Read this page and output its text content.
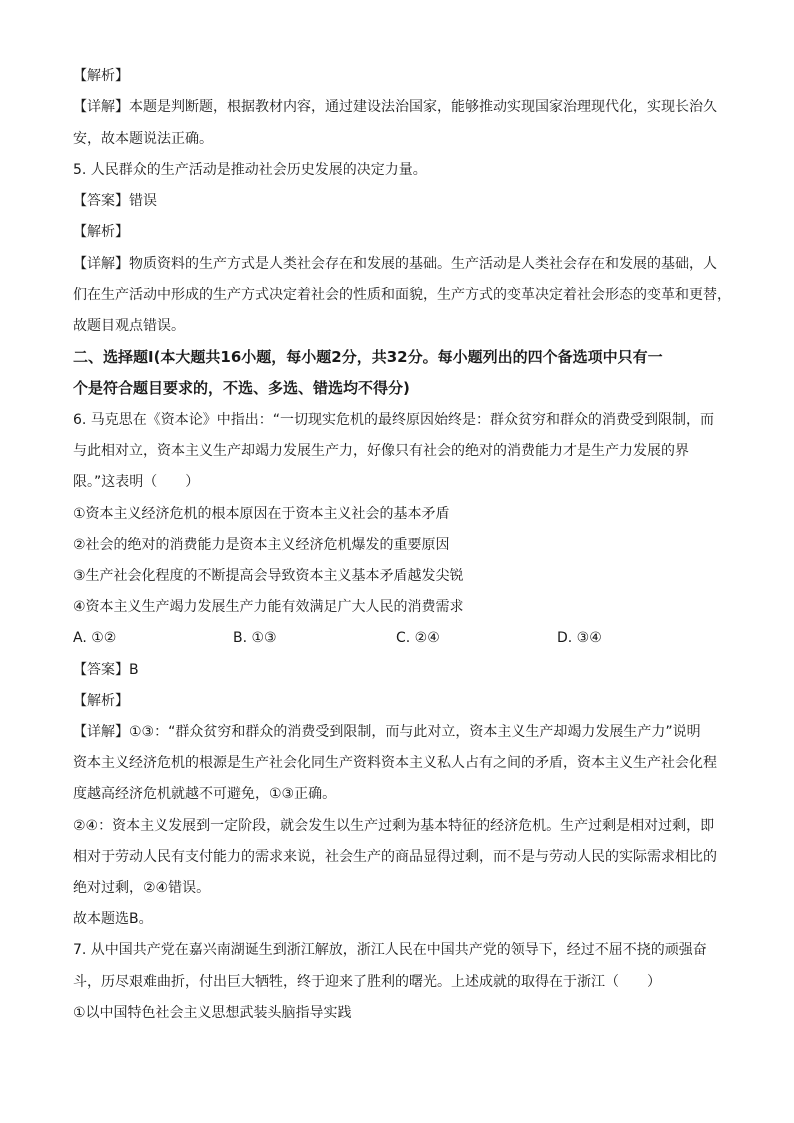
【解析】
【详解】本题是判断题，根据教材内容，通过建设法治国家，能够推动实现国家治理现代化，实现长治久
安，故本题说法正确。
5. 人民群众的生产活动是推动社会历史发展的决定力量。
【答案】错误
【解析】
【详解】物质资料的生产方式是人类社会存在和发展的基础。生产活动是人类社会存在和发展的基础，人
们在生产活动中形成的生产方式决定着社会的性质和面貌，生产方式的变革决定着社会形态的变革和更替，
故题目观点错误。
二、选择题Ⅰ(本大题共16小题，每小题2分，共32分。每小题列出的四个备选项中只有一
个是符合题目要求的，不选、多选、错选均不得分)
6. 马克思在《资本论》中指出：“一切现实危机的最终原因始终是：群众贫穷和群众的消费受到限制，而
与此相对立，资本主义生产却竭力发展生产力，好像只有社会的绝对的消费能力才是生产力发展的界
限。”这表明（　　）
①资本主义经济危机的根本原因在于资本主义社会的基本矛盾
②社会的绝对的消费能力是资本主义经济危机爆发的重要原因
③生产社会化程度的不断提高会导致资本主义基本矛盾越发尖锐
④资本主义生产竭力发展生产力能有效满足广大人民的消费需求
A. ①②	B. ①③	C. ②④	D. ③④
【答案】B
【解析】
【详解】①③：“群众贫穷和群众的消费受到限制，而与此对立，资本主义生产却竭力发展生产力”说明
资本主义经济危机的根源是生产社会化同生产资料资本主义私人占有之间的矛盾，资本主义生产社会化程
度越高经济危机就越不可避免，①③正确。
②④：资本主义发展到一定阶段，就会发生以生产过剩为基本特征的经济危机。生产过剩是相对过剩，即
相对于劳动人民有支付能力的需求来说，社会生产的商品显得过剩，而不是与劳动人民的实际需求相比的
绝对过剩，②④错误。
故本题选B。
7. 从中国共产党在嘉兴南湖诞生到浙江解放，浙江人民在中国共产党的领导下，经过不屈不挠的顽强奋
斗，历尽艰难曲折，付出巨大牺牲，终于迎来了胜利的曙光。上述成就的取得在于浙江（　　）
①以中国特色社会主义思想武装头脑指导实践
